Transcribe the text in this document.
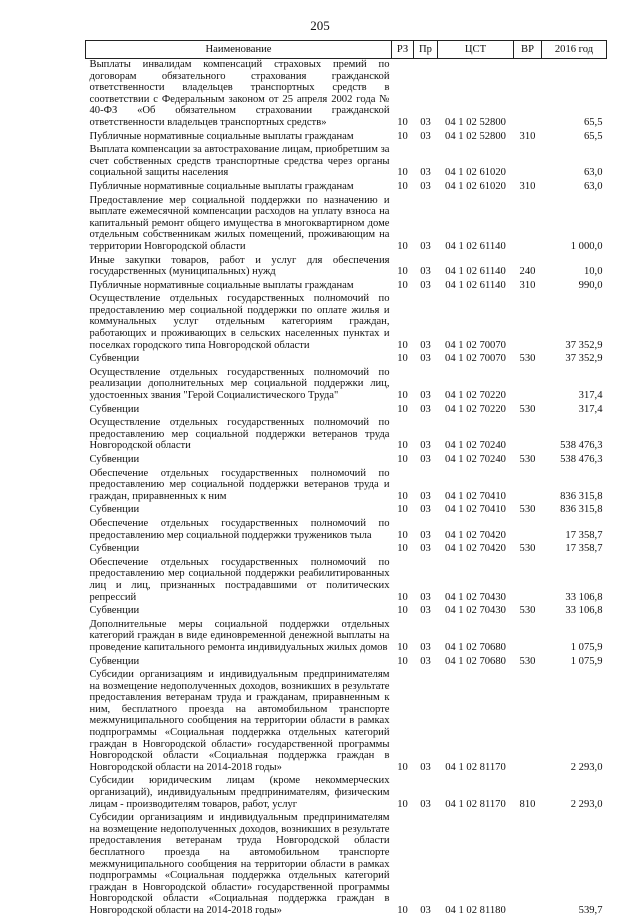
205
Наименование	РЗ	Пр	ЦСТ	ВР	2016 год
Выплаты инвалидам компенсаций страховых премий по договорам обязательного страхования гражданской ответственности владельцев транспортных средств в соответствии с Федеральным законом от 25 апреля 2002 года № 40-ФЗ «Об обязательном страховании гражданской ответственности владельцев транспортных средств»	10	03	04 1 02 52800		65,5
Публичные нормативные социальные выплаты гражданам	10	03	04 1 02 52800	310	65,5
Выплата компенсации за автострахование лицам, приобретшим за счет собственных средств транспортные средства через органы социальной защиты населения	10	03	04 1 02 61020		63,0
Публичные нормативные социальные выплаты гражданам	10	03	04 1 02 61020	310	63,0
Предоставление мер социальной поддержки по назначению и выплате ежемесячной компенсации расходов на уплату взноса на капитальный ремонт общего имущества в многоквартирном доме отдельным собственникам жилых помещений, проживающим на территории Новгородской области	10	03	04 1 02 61140		1 000,0
Иные закупки товаров, работ и услуг для обеспечения государственных (муниципальных) нужд	10	03	04 1 02 61140	240	10,0
Публичные нормативные социальные выплаты гражданам	10	03	04 1 02 61140	310	990,0
Осуществление отдельных государственных полномочий по предоставлению мер социальной поддержки по оплате жилья и коммунальных услуг отдельным категориям граждан, работающих и проживающих в сельских населенных пунктах и поселках городского типа Новгородской области	10	03	04 1 02 70070		37 352,9
Субвенции	10	03	04 1 02 70070	530	37 352,9
Осуществление отдельных государственных полномочий по реализации дополнительных мер социальной поддержки лиц, удостоенных звания "Герой Социалистического Труда"	10	03	04 1 02 70220		317,4
Субвенции	10	03	04 1 02 70220	530	317,4
Осуществление отдельных государственных полномочий по предоставлению мер социальной поддержки ветеранов труда Новгородской области	10	03	04 1 02 70240		538 476,3
Субвенции	10	03	04 1 02 70240	530	538 476,3
Обеспечение отдельных государственных полномочий по предоставлению мер социальной поддержки ветеранов труда и граждан, приравненных к ним	10	03	04 1 02 70410		836 315,8
Субвенции	10	03	04 1 02 70410	530	836 315,8
Обеспечение отдельных государственных полномочий по предоставлению мер социальной поддержки тружеников тыла	10	03	04 1 02 70420		17 358,7
Субвенции	10	03	04 1 02 70420	530	17 358,7
Обеспечение отдельных государственных полномочий по предоставлению мер социальной поддержки реабилитированных лиц и лиц, признанных пострадавшими от политических репрессий	10	03	04 1 02 70430		33 106,8
Субвенции	10	03	04 1 02 70430	530	33 106,8
Дополнительные меры социальной поддержки отдельных категорий граждан в виде единовременной денежной выплаты на проведение капитального ремонта индивидуальных жилых домов	10	03	04 1 02 70680		1 075,9
Субвенции	10	03	04 1 02 70680	530	1 075,9
Субсидии организациям и индивидуальным предпринимателям на возмещение недополученных доходов, возникших в результате предоставления ветеранам труда и гражданам, приравненным к ним, бесплатного проезда на автомобильном транспорте межмуниципального сообщения на территории области в рамках подпрограммы «Социальная поддержка отдельных категорий граждан в Новгородской области» государственной программы Новгородской области «Социальная поддержка граждан в Новгородской области на 2014-2018 годы»	10	03	04 1 02 81170		2 293,0
Субсидии юридическим лицам (кроме некоммерческих организаций), индивидуальным предпринимателям, физическим лицам - производителям товаров, работ, услуг	10	03	04 1 02 81170	810	2 293,0
Субсидии организациям и индивидуальным предпринимателям на возмещение недополученных доходов, возникших в результате предоставления ветеранам труда Новгородской области бесплатного проезда на автомобильном транспорте межмуниципального сообщения на территории области в рамках подпрограммы «Социальная поддержка отдельных категорий граждан в Новгородской области» государственной программы Новгородской области «Социальная поддержка граждан в Новгородской области на 2014-2018 годы»	10	03	04 1 02 81180		539,7
